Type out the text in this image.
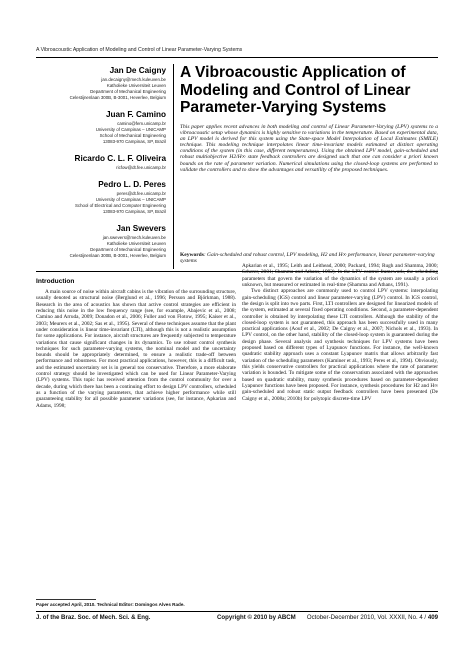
A Vibroacoustic Application of Modeling and Control of Linear Parameter-Varying Systems
Jan De Caigny
jan.decaigny@mech.kuleuven.be
Katholieke Universiteit Leuven
Department of Mechanical Engineering
Celestijnenlaan 300B, B-3001, Heverlee, Belgium
Juan F. Camino
camino@fem.unicamp.br
University of Campinas – UNICAMP
School of Mechanical Engineering
13083-970 Campinas, SP, Brazil
Ricardo C. L. F. Oliveira
ricfow@dt.fee.unicamp.br
Pedro L. D. Peres
peres@dt.fee.unicamp.br
University of Campinas – UNICAMP
School of Electrical and Computer Engineering
13083-970 Campinas, SP, Brazil
Jan Swevers
jan.swevers@mech.kuleuven.be
Katholieke Universiteit Leuven
Department of Mechanical Engineering
Celestijnenlaan 300B, B-3001, Heverlee, Belgium
A Vibroacoustic Application of Modeling and Control of Linear Parameter-Varying Systems
This paper applies recent advances in both modeling and control of Linear Parameter-Varying (LPV) systems to a vibroacoustic setup whose dynamics is highly sensitive to variations in the temperature. Based on experimental data, an LPV model is derived for this system using the State-space Model Interpolation of Local Estimates (SMILE) technique. This modeling technique interpolates linear time-invariant models estimated at distinct operating conditions of the system (in this case, different temperatures). Using the obtained LPV model, gain-scheduled and robust multiobjective H2/H∞ state feedback controllers are designed such that one can consider a priori known bounds on the rate of parameter variation. Numerical simulations using the closed-loop systems are performed to validate the controllers and to show the advantages and versatility of the proposed techniques.
Keywords: Gain-scheduled and robust control, LPV modeling, H2 and H∞ performance, linear parameter-varying systems
Introduction

A main source of noise within aircraft cabins is the vibration of the surrounding structure, usually denoted as structural noise (Berglund et al., 1996; Persson and Björkman, 1988). Research in the area of acoustics has shown that active control strategies are efficient in reducing this noise in the low frequency range (see, for example, Abajevic et al., 2008; Camino and Arruda, 2009; Donadon et al., 2006; Fuller and von Flotow, 1995; Kaiser et al., 2003; Meurers et al., 2002; Sas et al., 1995). Several of these techniques assume that the plant under consideration is linear time-invariant (LTI), although this is not a realistic assumption for some applications. For instance, aircraft structures are frequently subjected to temperature variations that cause significant changes in its dynamics. To use robust control synthesis techniques for such parameter-varying systems, the nominal model and the uncertainty bounds should be appropriately determined, to ensure a realistic trade-off between performance and robustness. For most practical applications, however, this is a difficult task, and the estimated uncertainty set is in general too conservative. Therefore, a more elaborate control strategy should be investigated which can be used for Linear Parameter-Varying (LPV) systems. This topic has received attention from the control community for over a decade, during which there has been a continuing effort to design LPV controllers, scheduled as a function of the varying parameters, that achieve higher performance while still guaranteeing stability for all possible parameter variations (see, for instance, Apkarian and Adams, 1998;

Apkarian et al., 1995; Leith and Leithead, 2000; Packard, 1994; Rugh and Shamma, 2000; Scherer, 2001; Shamma and Athans, 1992). In the LPV control framework, the scheduling parameters that govern the variation of the dynamics of the system are usually a priori unknown, but measured or estimated in real-time (Shamma and Athans, 1991).

Two distinct approaches are commonly used to control LPV systems: interpolating gain-scheduling (IGS) control and linear parameter-varying (LPV) control. In IGS control, the design is split into two parts. First, LTI controllers are designed for linearized models of the system, estimated at several fixed operating conditions. Second, a parameter-dependent controller is obtained by interpolating these LTI controllers. Although the stability of the closed-loop system is not guaranteed, this approach has been successfully used in many practical applications (Aouf et al., 2002; De Caigny et al., 2007; Nichols et al., 1993). In LPV control, on the other hand, stability of the closed-loop system is guaranteed during the design phase. Several analysis and synthesis techniques for LPV systems have been proposed based on different types of Lyapunov functions. For instance, the well-known quadratic stability approach uses a constant Lyapunov matrix that allows arbitrarily fast variation of the scheduling parameters (Kaminer et al., 1993; Peres et al., 1994). Obviously, this yields conservative controllers for practical applications where the rate of parameter variation is bounded. To mitigate some of the conservatism associated with the approaches based on quadratic stability, many synthesis procedures based on parameter-dependent Lyapunov functions have been proposed. For instance, synthesis procedures for H2 and H∞ gain-scheduled and robust static output feedback controllers have been presented (De Caigny et al., 2008a; 2010b) for polytopic discrete-time LPV

Paper accepted April, 2010. Technical Editor: Domingos Alves Rade.
J. of the Braz. Soc. of Mech. Sci. & Eng.	Copyright © 2010 by ABCM October-December 2010, Vol. XXXII, No. 4 / 409
